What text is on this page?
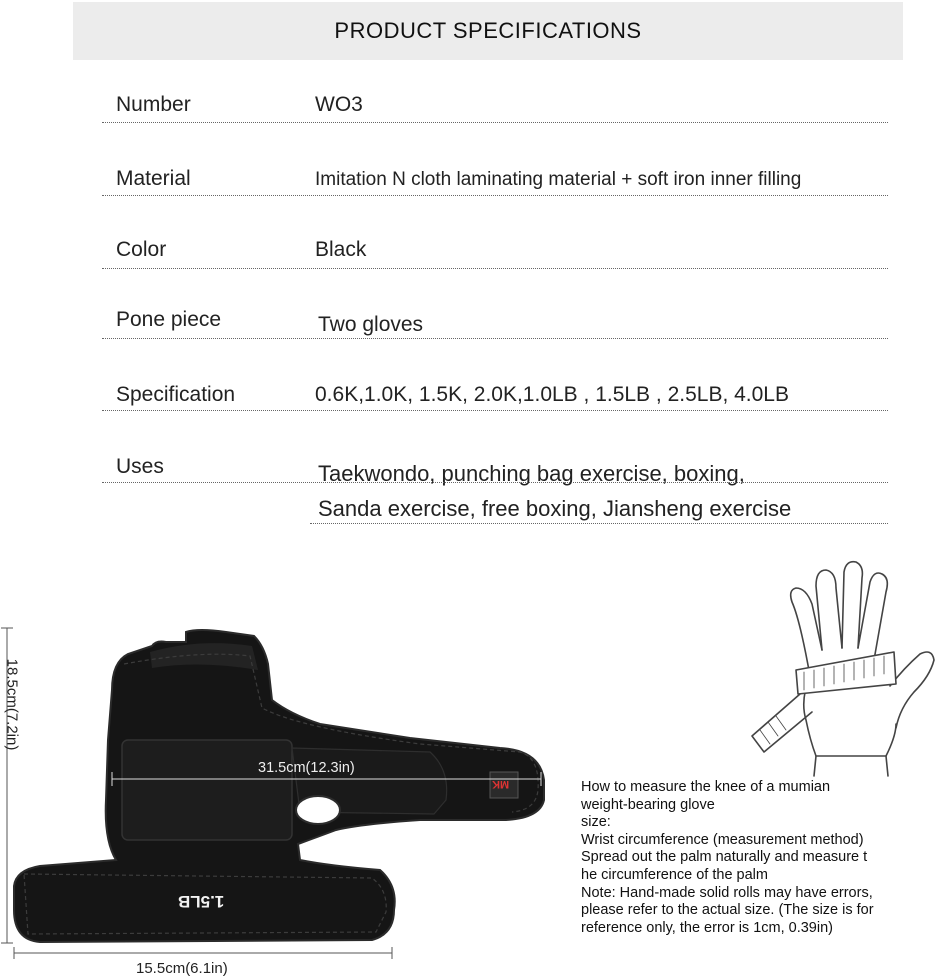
PRODUCT SPECIFICATIONS
Number	WO3
Material	Imitation N cloth laminating material + soft iron inner filling
Color	Black
Pone piece	Two gloves
Specification	0.6K,1.0K, 1.5K, 2.0K,1.0LB , 1.5LB , 2.5LB, 4.0LB
Uses	Taekwondo, punching bag exercise, boxing,
Sanda exercise, free boxing, Jiansheng exercise
31.5cm(12.3in)
15.5cm(6.1in)
18.5cm(7.2in)
1.5LB
MK	How to measure the knee of a mumian
weight-bearing glove
size:
Wrist circumference (measurement method)
Spread out the palm naturally and measure t
he circumference of the palm
Note: Hand-made solid rolls may have errors,
please refer to the actual size. (The size is for
reference only, the error is 1cm, 0.39in)
